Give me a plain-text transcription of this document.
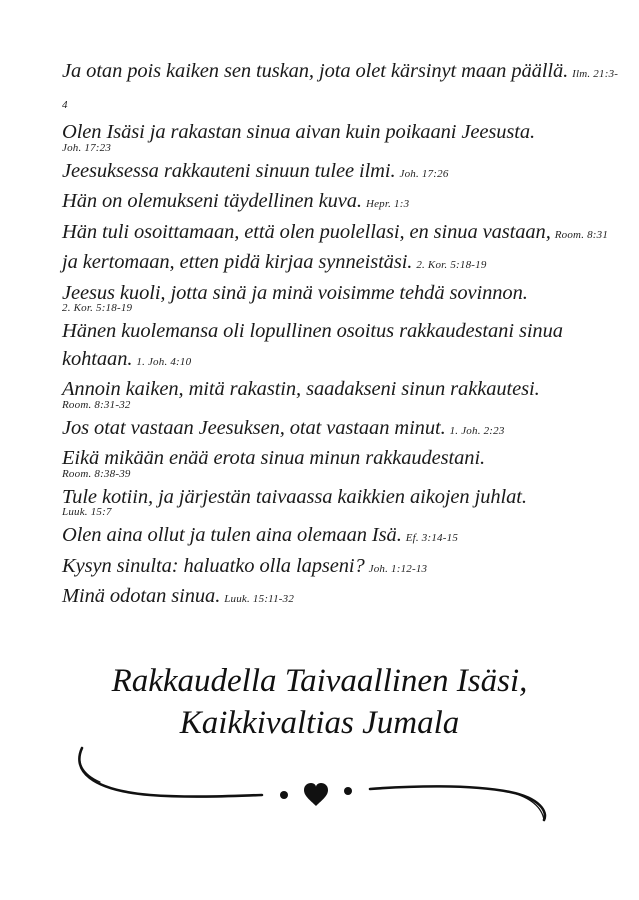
Ja otan pois kaiken sen tuskan, jota olet kärsinyt maan päällä. Ilm. 21:3-4

Olen Isäsi ja rakastan sinua aivan kuin poikaani Jeesusta.
Joh. 17:23

Jeesuksessa rakkauteni sinuun tulee ilmi. Joh. 17:26

Hän on olemukseni täydellinen kuva. Hepr. 1:3

Hän tuli osoittamaan, että olen puolellasi, en sinua vastaan, Room. 8:31

ja kertomaan, etten pidä kirjaa synneistäsi. 2. Kor. 5:18-19

Jeesus kuoli, jotta sinä ja minä voisimme tehdä sovinnon.
2. Kor. 5:18-19

Hänen kuolemansa oli lopullinen osoitus rakkaudestani sinua kohtaan. 1. Joh. 4:10

Annoin kaiken, mitä rakastin, saadakseni sinun rakkautesi.
Room. 8:31-32

Jos otat vastaan Jeesuksen, otat vastaan minut. 1. Joh. 2:23

Eikä mikään enää erota sinua minun rakkaudestani.
Room. 8:38-39

Tule kotiin, ja järjestän taivaassa kaikkien aikojen juhlat.
Luuk. 15:7

Olen aina ollut ja tulen aina olemaan Isä. Ef. 3:14-15

Kysyn sinulta: haluatko olla lapseni? Joh. 1:12-13

Minä odotan sinua. Luuk. 15:11-32

Rakkaudella Taivaallinen Isäsi,
Kaikkivaltias Jumala
